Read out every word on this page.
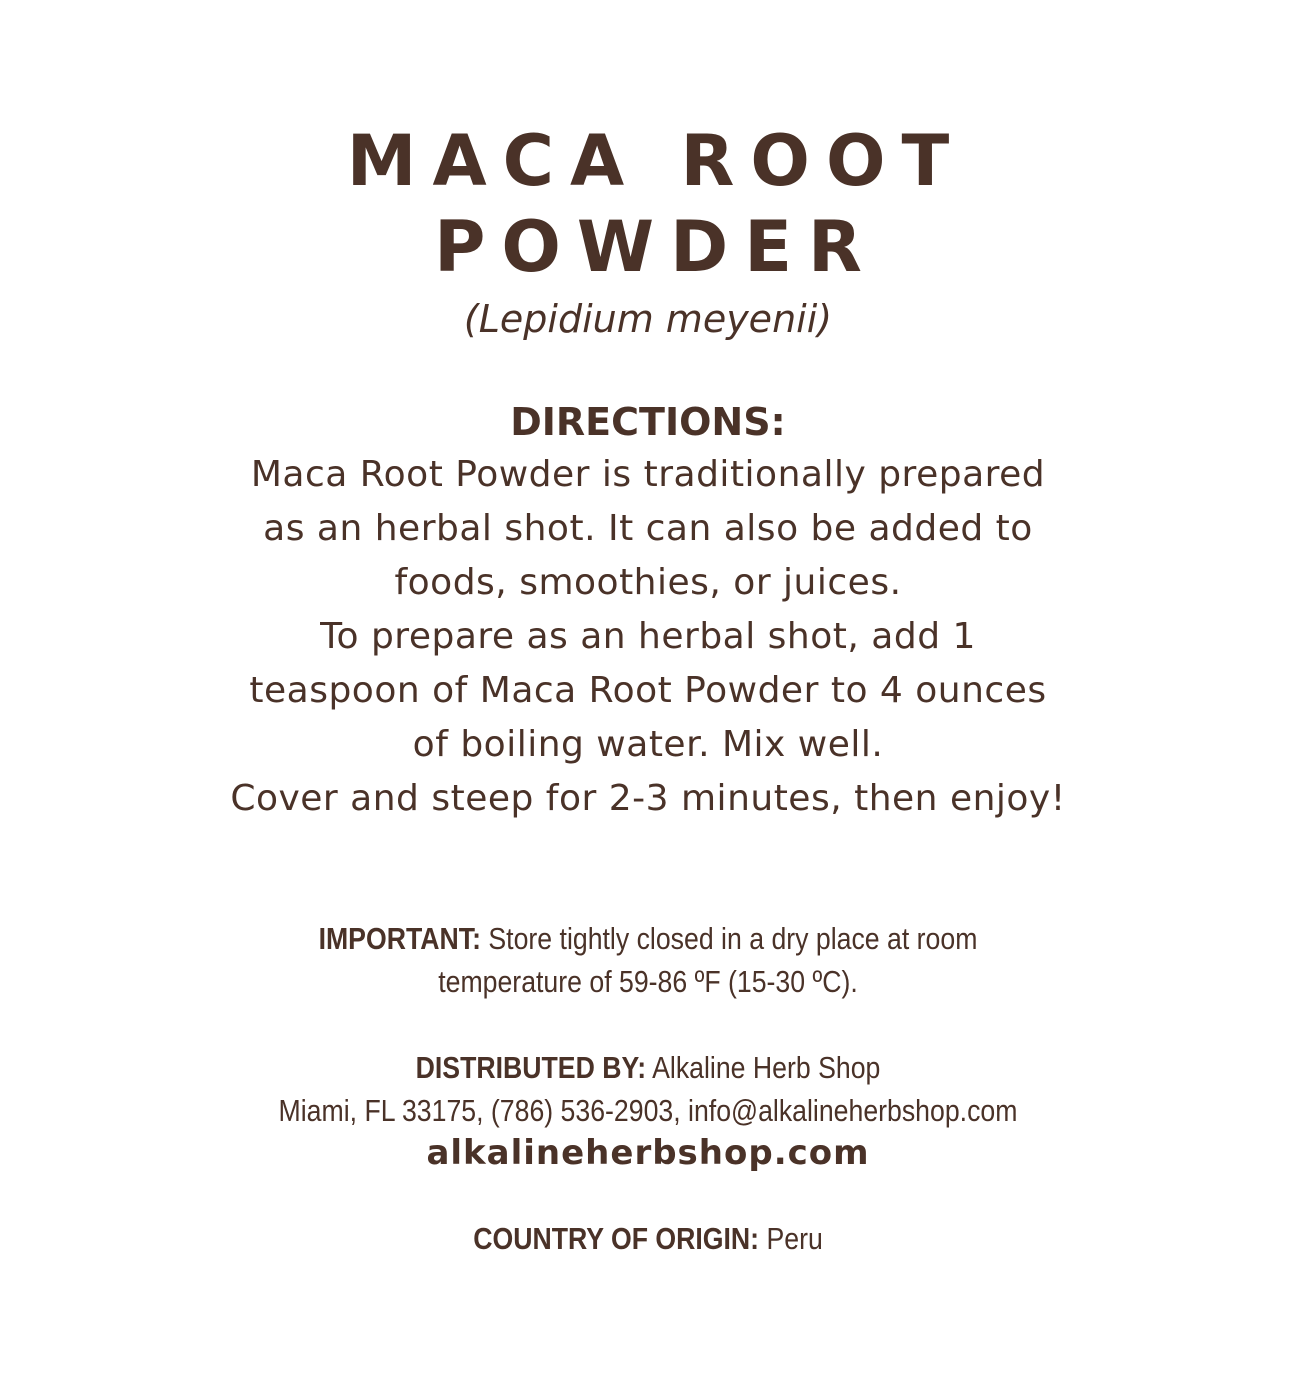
MACA ROOT
POWDER
(Lepidium meyenii)
DIRECTIONS:
Maca Root Powder is traditionally prepared
as an herbal shot. It can also be added to
foods, smoothies, or juices.
To prepare as an herbal shot, add 1
teaspoon of Maca Root Powder to 4 ounces
of boiling water. Mix well.
Cover and steep for 2-3 minutes, then enjoy!
IMPORTANT: Store tightly closed in a dry place at room
temperature of 59-86 ºF (15-30 ºC).
DISTRIBUTED BY: Alkaline Herb Shop
Miami, FL 33175, (786) 536-2903, info@alkalineherbshop.com
alkalineherbshop.com
COUNTRY OF ORIGIN: Peru
